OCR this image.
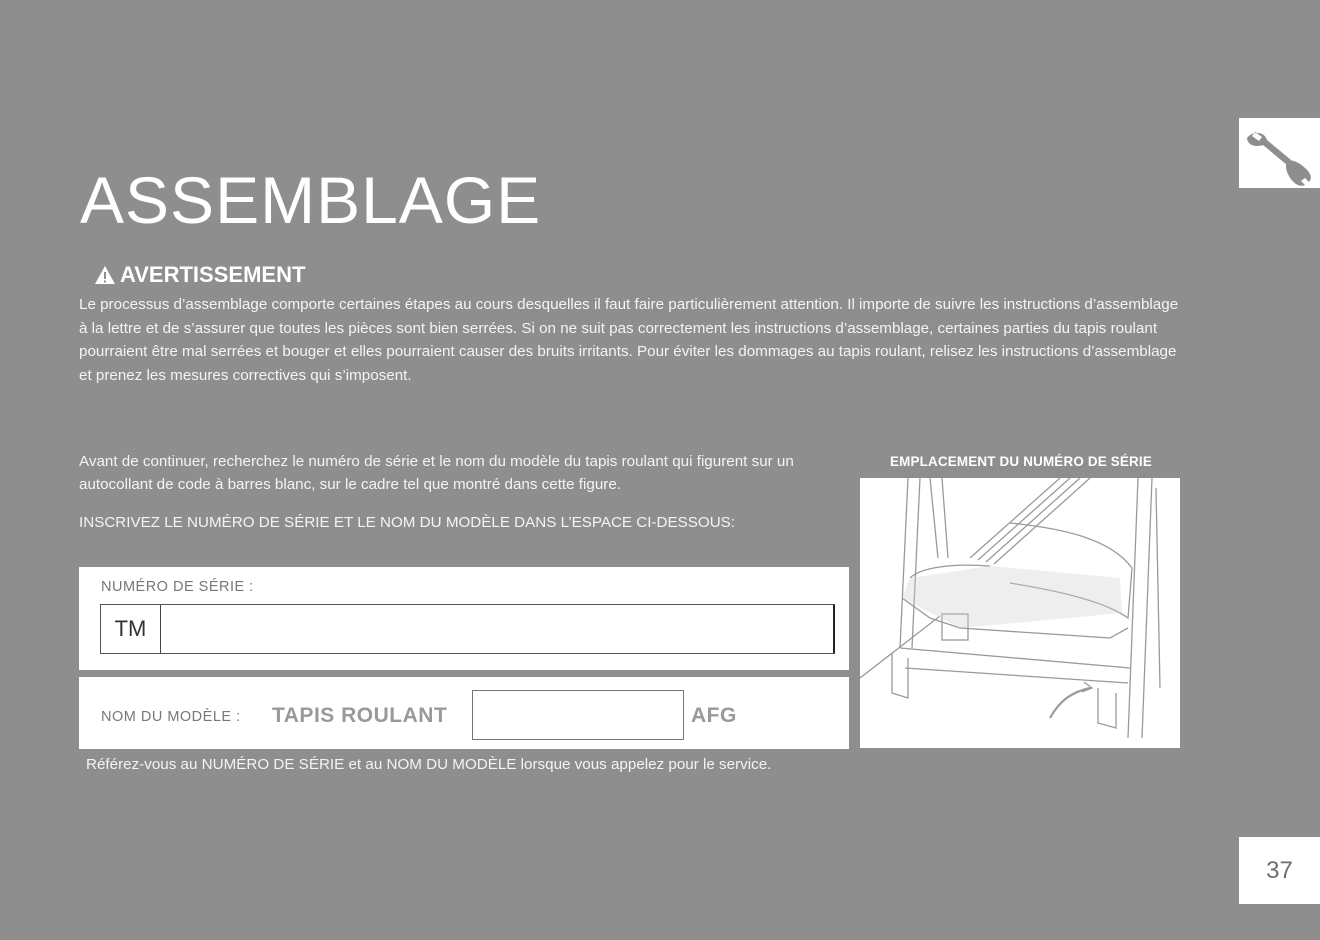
ASSEMBLAGE
AVERTISSEMENT

Le processus d’assemblage comporte certaines étapes au cours desquelles il faut faire particulièrement attention. Il importe de suivre les instructions d’assemblage à la lettre et de s’assurer que toutes les pièces sont bien serrées. Si on ne suit pas correctement les instructions d’assemblage, certaines parties du tapis roulant pourraient être mal serrées et bouger et elles pourraient causer des bruits irritants. Pour éviter les dommages au tapis roulant, relisez les instructions d’assemblage et prenez les mesures correctives qui s’imposent.

Avant de continuer, recherchez le numéro de série et le nom du modèle du tapis roulant qui figurent sur un autocollant de code à barres blanc, sur le cadre tel que montré dans cette figure.

INSCRIVEZ LE NUMÉRO DE SÉRIE ET LE NOM DU MODÈLE DANS L’ESPACE CI-DESSOUS:

NUMÉRO DE SÉRIE :
TM
NOM DU MODÈLE : TAPIS ROULANT	AFG
EMPLACEMENT DU NUMÉRO DE SÉRIE

Référez-vous au NUMÉRO DE SÉRIE et au NOM DU MODÈLE lorsque vous appelez pour le service.

37
